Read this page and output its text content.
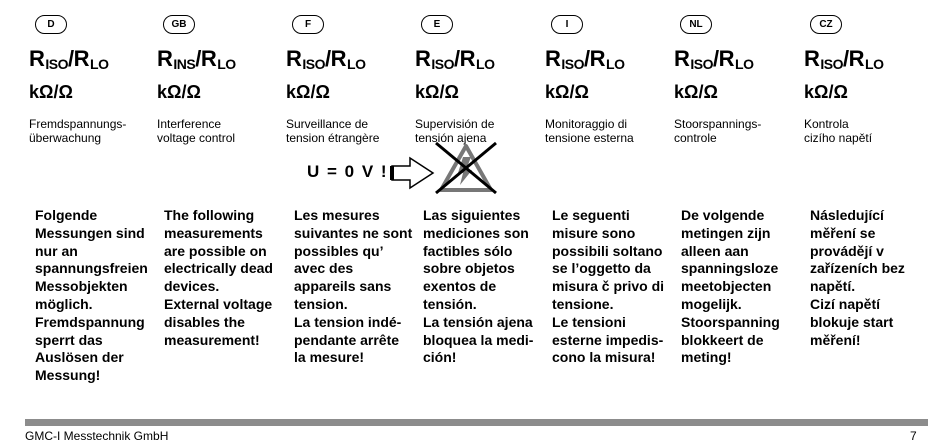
D
$R_{ISO}/R_{LO}$
kΩ/Ω
Fremdspannungs-
überwachung
Folgende
Messungen sind
nur an
spannungsfreien
Messobjekten
möglich.
Fremdspannung
sperrt das
Auslösen der
Messung!
GB
$R_{INS}/R_{LO}$
kΩ/Ω
Interference
voltage control
The following
measurements
are possible on
electrically dead
devices.
External voltage
disables the
measurement!
F
$R_{ISO}/R_{LO}$
kΩ/Ω
Surveillance de
tension étrangère
Les mesures
suivantes ne sont
possibles qu’
avec des
appareils sans
tension.
La tension indé-
pendante arrête
la mesure!
E
$R_{ISO}/R_{LO}$
kΩ/Ω
Supervisión de
tensión ajena
Las siguientes
mediciones son
factibles sólo
sobre objetos
exentos de
tensión.
La tensión ajena
bloquea la medi-
ción!
I
$R_{ISO}/R_{LO}$
kΩ/Ω
Monitoraggio di
tensione esterna
Le seguenti
misure sono
possibili soltano
se l’oggetto da
misura č privo di
tensione.
Le tensioni
esterne impedis-
cono la misura!
NL
$R_{ISO}/R_{LO}$
kΩ/Ω
Stoorspannings-
controle
De volgende
metingen zijn
alleen aan
spanningsloze
meetobjecten
mogelijk.
Stoorspanning
blokkeert de
meting!
CZ
$R_{ISO}/R_{LO}$
kΩ/Ω
Kontrola
cizího napětí
Následující
měření se
provádějí v
zařízeních bez
napětí.
Cizí napětí
blokuje start
měření!
U = 0 V !
GMC-I Messtechnik GmbH	7
